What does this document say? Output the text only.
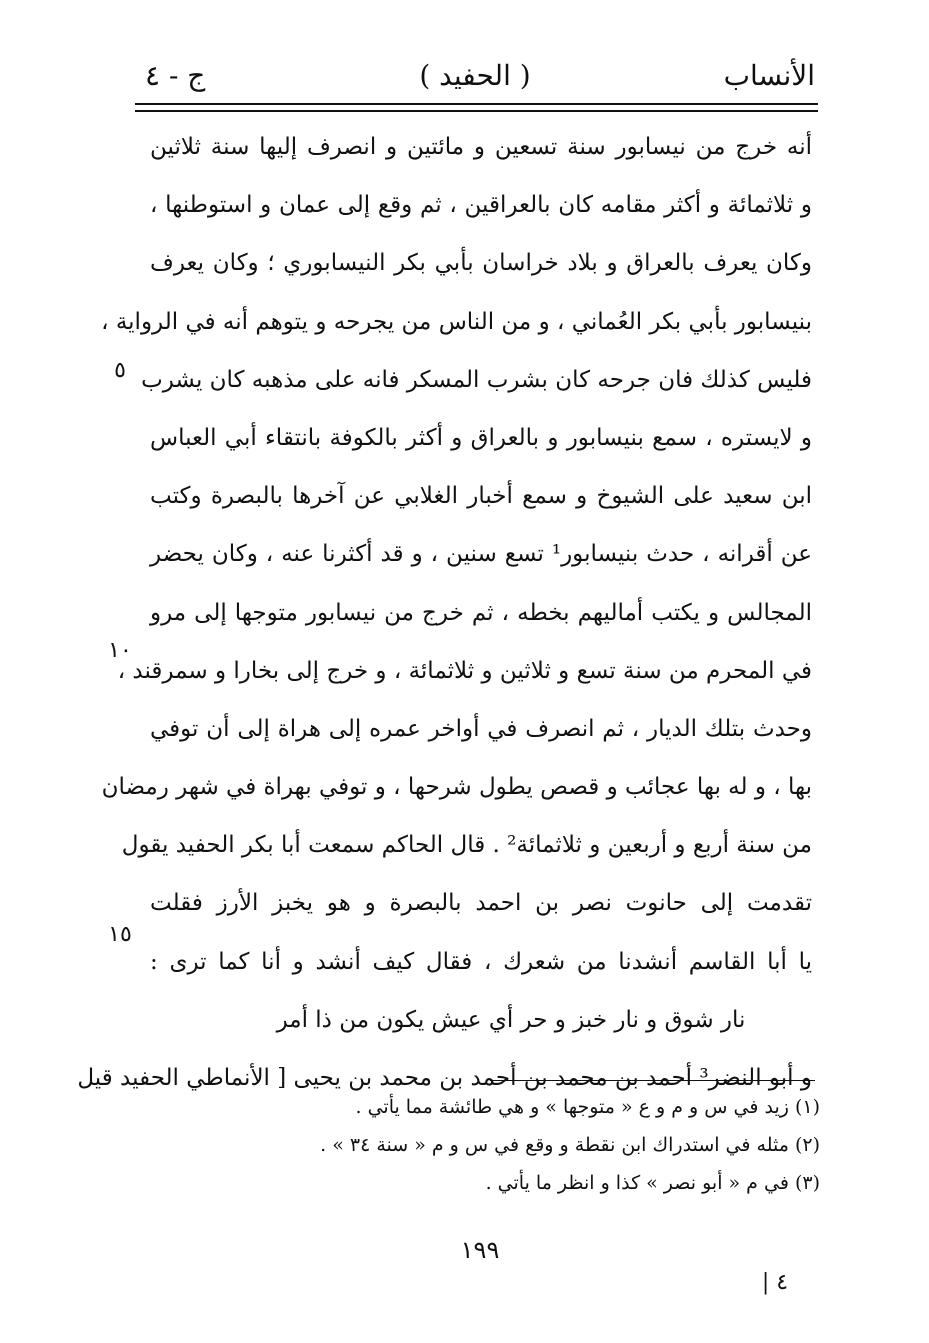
الأنساب
( الحفيد )
ج - ٤
أنه خرج من نيسابور سنة تسعين و مائتين و انصرف إليها سنة ثلاثين
و ثلاثمائة و أكثر مقامه كان بالعراقين ، ثم وقع إلى عمان و استوطنها ،
وكان يعرف بالعراق و بلاد خراسان بأبي بكر النيسابوري ؛ وكان يعرف
بنيسابور بأبي بكر العُماني ، و من الناس من يجرحه و يتوهم أنه في الرواية ،
فليس كذلك فان جرحه كان بشرب المسكر فانه على مذهبه كان يشرب
و لايستره ، سمع بنيسابور و بالعراق و أكثر بالكوفة بانتقاء أبي العباس
ابن سعيد على الشيوخ و سمع أخبار الغلابي عن آخرها بالبصرة وكتب
عن أقرانه ، حدث بنيسابور¹ تسع سنين ، و قد أكثرنا عنه ، وكان يحضر
المجالس و يكتب أماليهم بخطه ، ثم خرج من نيسابور متوجها إلى مرو
في المحرم من سنة تسع و ثلاثين و ثلاثمائة ، و خرج إلى بخارا و سمرقند ،
وحدث بتلك الديار ، ثم انصرف في أواخر عمره إلى هراة إلى أن توفي
بها ، و له بها عجائب و قصص يطول شرحها ، و توفي بهراة في شهر رمضان
من سنة أربع و أربعين و ثلاثمائة² . قال الحاكم سمعت أبا بكر الحفيد يقول
تقدمت إلى حانوت نصر بن احمد بالبصرة و هو يخبز الأرز فقلت
يا أبا القاسم أنشدنا من شعرك ، فقال كيف أنشد و أنا كما ترى :
نار شوق و نار خبز و حر أي عيش يكون من ذا أمر
و أبو النضر³ أحمد بن محمد بن أحمد بن محمد بن يحيى [ الأنماطي الحفيد قيل
٥
١٠
١٥
(١) زيد في س و م و ع « متوجها » و هي طائشة مما يأتي .
(٢) مثله في استدراك ابن نقطة و وقع في س و م « سنة ٣٤ » .
(٣) في م « أبو نصر » كذا و انظر ما يأتي .
١٩٩
٤ |
